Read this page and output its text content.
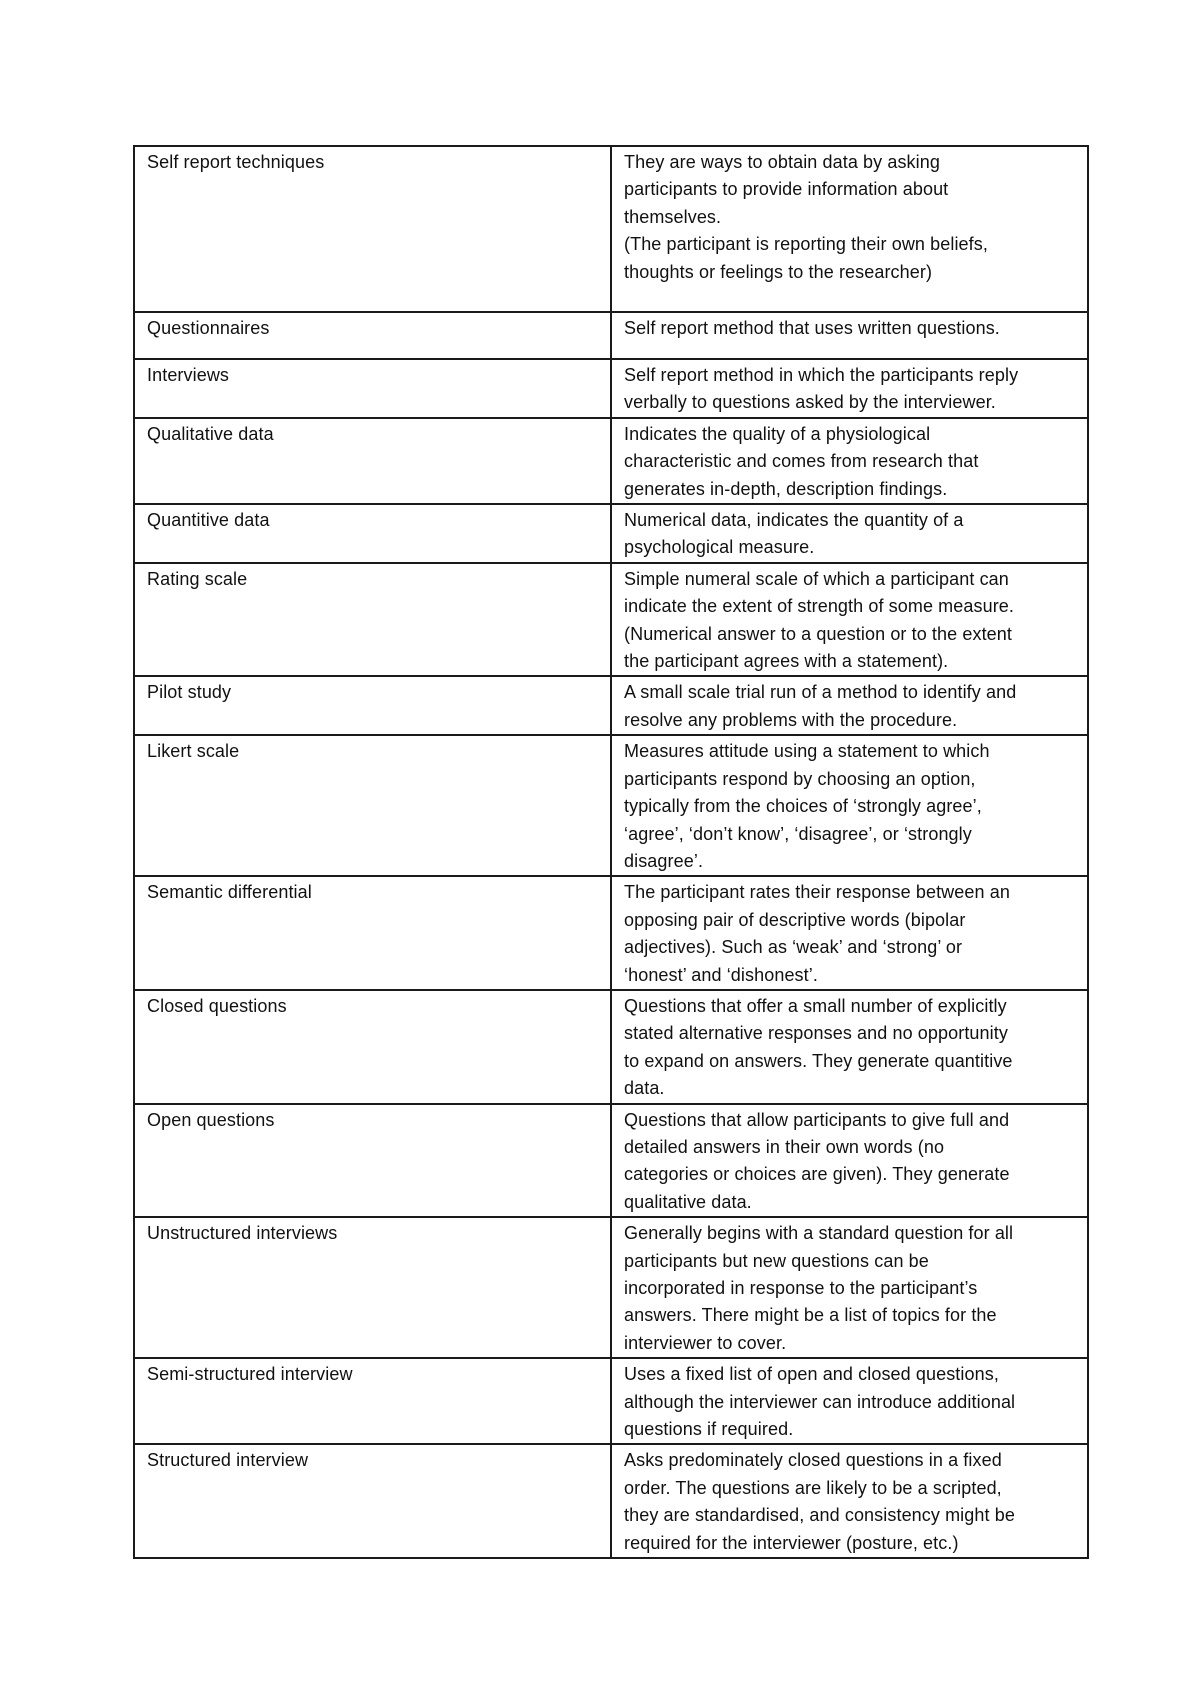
Self report techniques	They are ways to obtain data by asking
participants to provide information about
themselves.
(The participant is reporting their own beliefs,
thoughts or feelings to the researcher)
Questionnaires	Self report method that uses written questions.
Interviews	Self report method in which the participants reply
verbally to questions asked by the interviewer.
Qualitative data	Indicates the quality of a physiological
characteristic and comes from research that
generates in-depth, description findings.
Quantitive data	Numerical data, indicates the quantity of a
psychological measure.
Rating scale	Simple numeral scale of which a participant can
indicate the extent of strength of some measure.
(Numerical answer to a question or to the extent
the participant agrees with a statement).
Pilot study	A small scale trial run of a method to identify and
resolve any problems with the procedure.
Likert scale	Measures attitude using a statement to which
participants respond by choosing an option,
typically from the choices of ‘strongly agree’,
‘agree’, ‘don’t know’, ‘disagree’, or ‘strongly
disagree’.
Semantic differential	The participant rates their response between an
opposing pair of descriptive words (bipolar
adjectives). Such as ‘weak’ and ‘strong’ or
‘honest’ and ‘dishonest’.
Closed questions	Questions that offer a small number of explicitly
stated alternative responses and no opportunity
to expand on answers. They generate quantitive
data.
Open questions	Questions that allow participants to give full and
detailed answers in their own words (no
categories or choices are given). They generate
qualitative data.
Unstructured interviews	Generally begins with a standard question for all
participants but new questions can be
incorporated in response to the participant’s
answers. There might be a list of topics for the
interviewer to cover.
Semi-structured interview	Uses a fixed list of open and closed questions,
although the interviewer can introduce additional
questions if required.
Structured interview	Asks predominately closed questions in a fixed
order. The questions are likely to be a scripted,
they are standardised, and consistency might be
required for the interviewer (posture, etc.)
